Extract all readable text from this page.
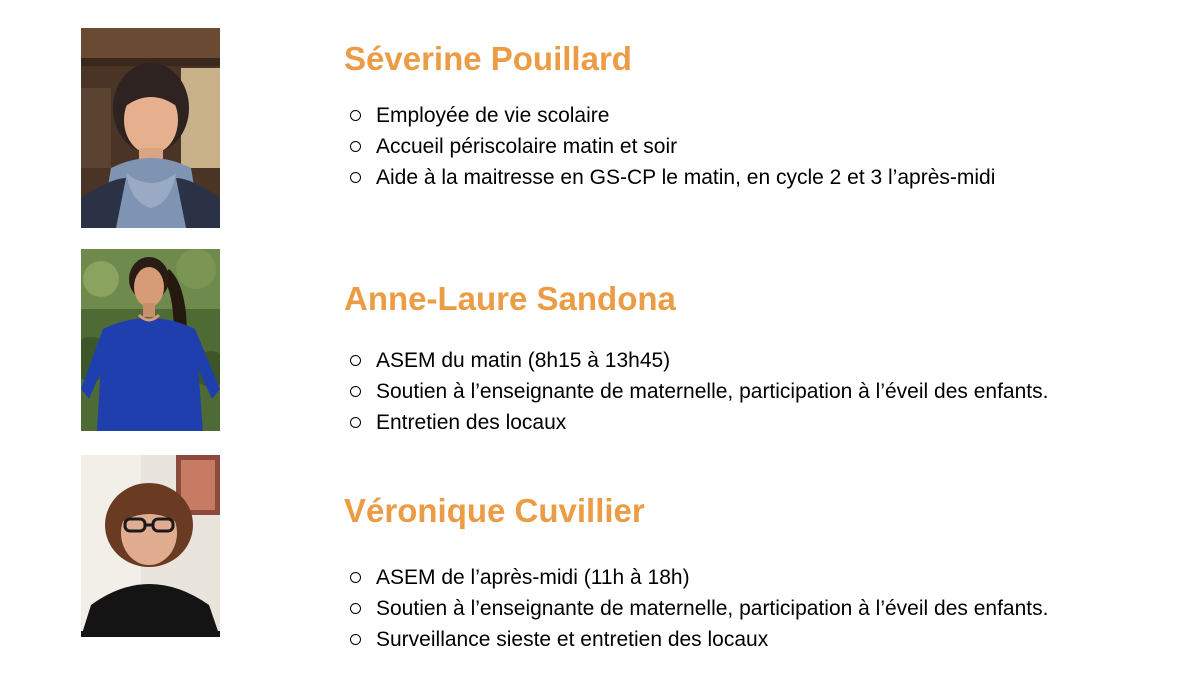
Séverine Pouillard
Employée de vie scolaire
Accueil périscolaire matin et soir
Aide à la maitresse en GS-CP le matin, en cycle 2 et 3 l’après-midi
Anne-Laure Sandona
ASEM du matin (8h15 à 13h45)
Soutien à l’enseignante de maternelle, participation à l’éveil des enfants.
Entretien des locaux
Véronique Cuvillier
ASEM de l’après-midi (11h à 18h)
Soutien à l’enseignante de maternelle, participation à l’éveil des enfants.
Surveillance sieste et entretien des locaux
